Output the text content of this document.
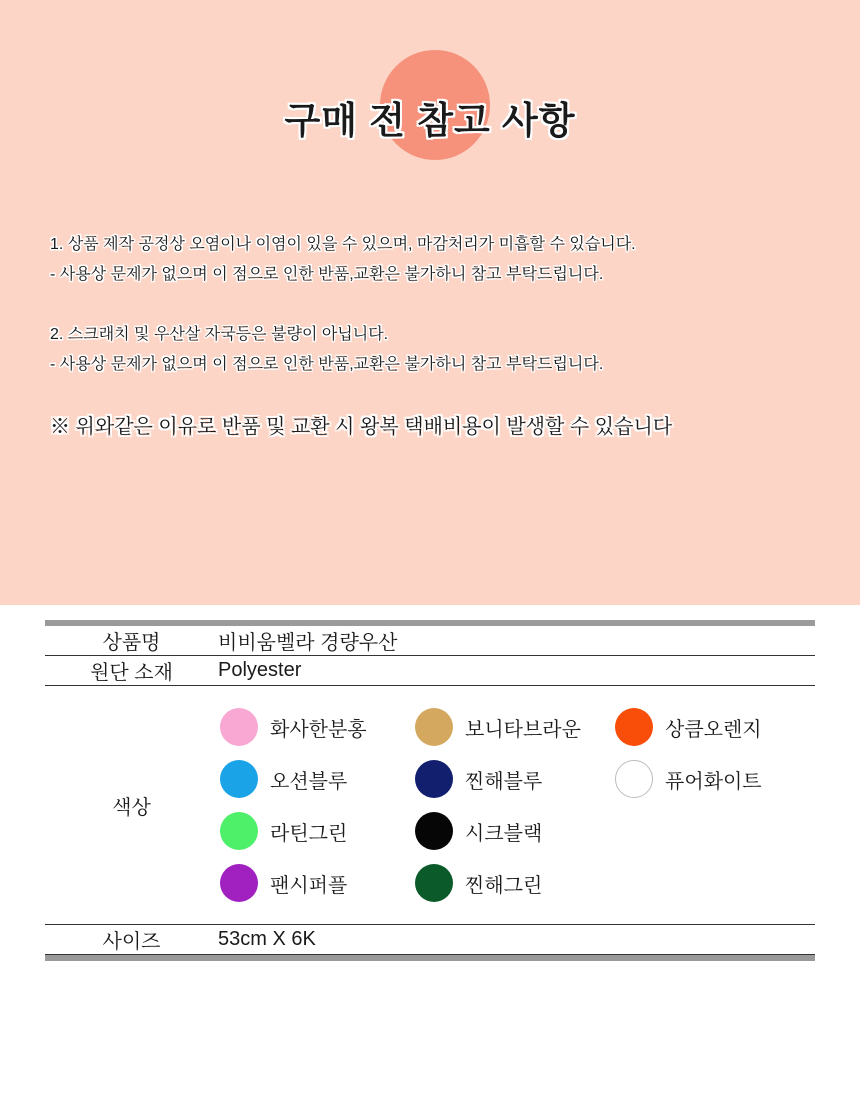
구매 전 참고 사항
1. 상품 제작 공정상 오염이나 이염이 있을 수 있으며, 마감처리가 미흡할 수 있습니다.
- 사용상 문제가 없으며 이 점으로 인한 반품,교환은 불가하니 참고 부탁드립니다.
2. 스크래치 및 우산살 자국등은 불량이 아닙니다.
- 사용상 문제가 없으며 이 점으로 인한 반품,교환은 불가하니 참고 부탁드립니다.
※ 위와같은 이유로 반품 및 교환 시 왕복 택배비용이 발생할 수 있습니다
상품명	비비움벨라 경량우산
원단 소재	Polyester
색상	
화사한분홍	보니타브라운	상큼오렌지
오션블루	찐해블루	퓨어화이트
라틴그린	시크블랙
팬시퍼플	찐해그린

사이즈	53cm X 6K
